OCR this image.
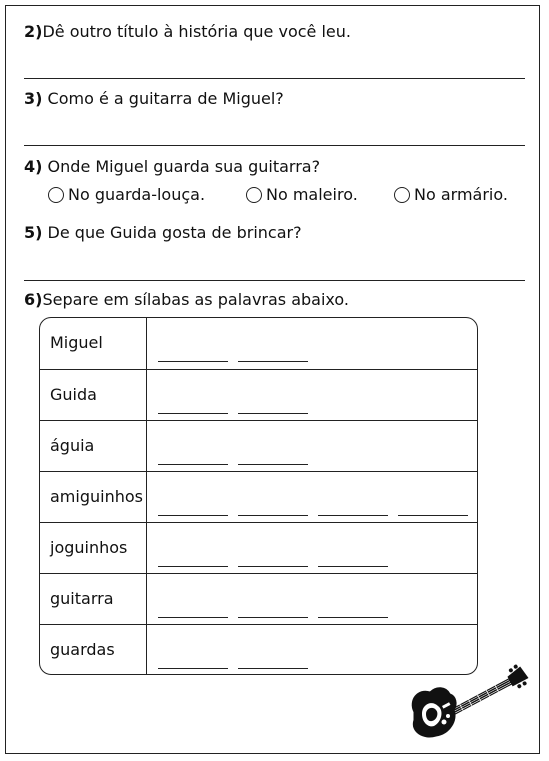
2)Dê outro título à história que você leu.
3) Como é a guitarra de Miguel?
4) Onde Miguel guarda sua guitarra?
No guarda-louça.	No maleiro.	No armário.
5) De que Guida gosta de brincar?
6)Separe em sílabas as palavras abaixo.
Miguel
Guida
águia
amiguinhos
joguinhos
guitarra
guardas
